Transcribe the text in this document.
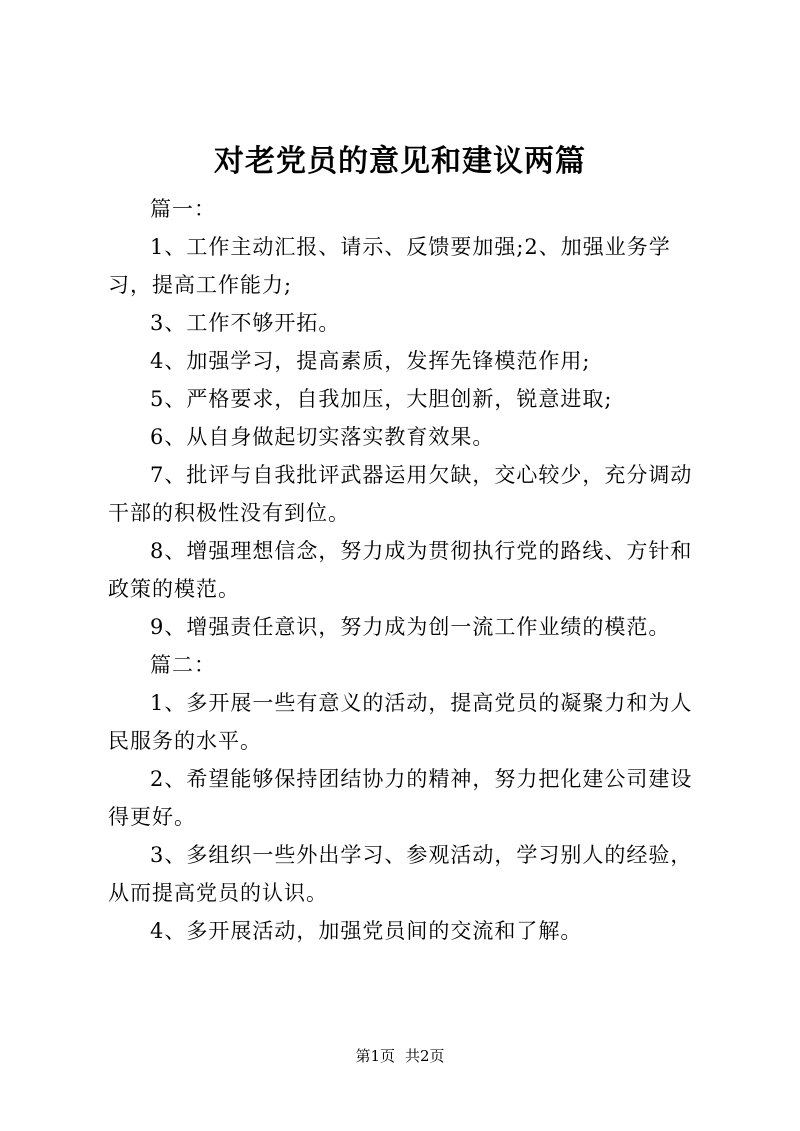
对老党员的意见和建议两篇

篇一：

1、工作主动汇报、请示、反馈要加强;2、加强业务学习，提高工作能力;

3、工作不够开拓。

4、加强学习，提高素质，发挥先锋模范作用;

5、严格要求，自我加压，大胆创新，锐意进取;

6、从自身做起切实落实教育效果。

7、批评与自我批评武器运用欠缺，交心较少，充分调动干部的积极性没有到位。

8、增强理想信念，努力成为贯彻执行党的路线、方针和政策的模范。

9、增强责任意识，努力成为创一流工作业绩的模范。

篇二：

1、多开展一些有意义的活动，提高党员的凝聚力和为人民服务的水平。

2、希望能够保持团结协力的精神，努力把化建公司建设得更好。

3、多组织一些外出学习、参观活动，学习别人的经验，从而提高党员的认识。

4、多开展活动，加强党员间的交流和了解。

第1页 共2页
